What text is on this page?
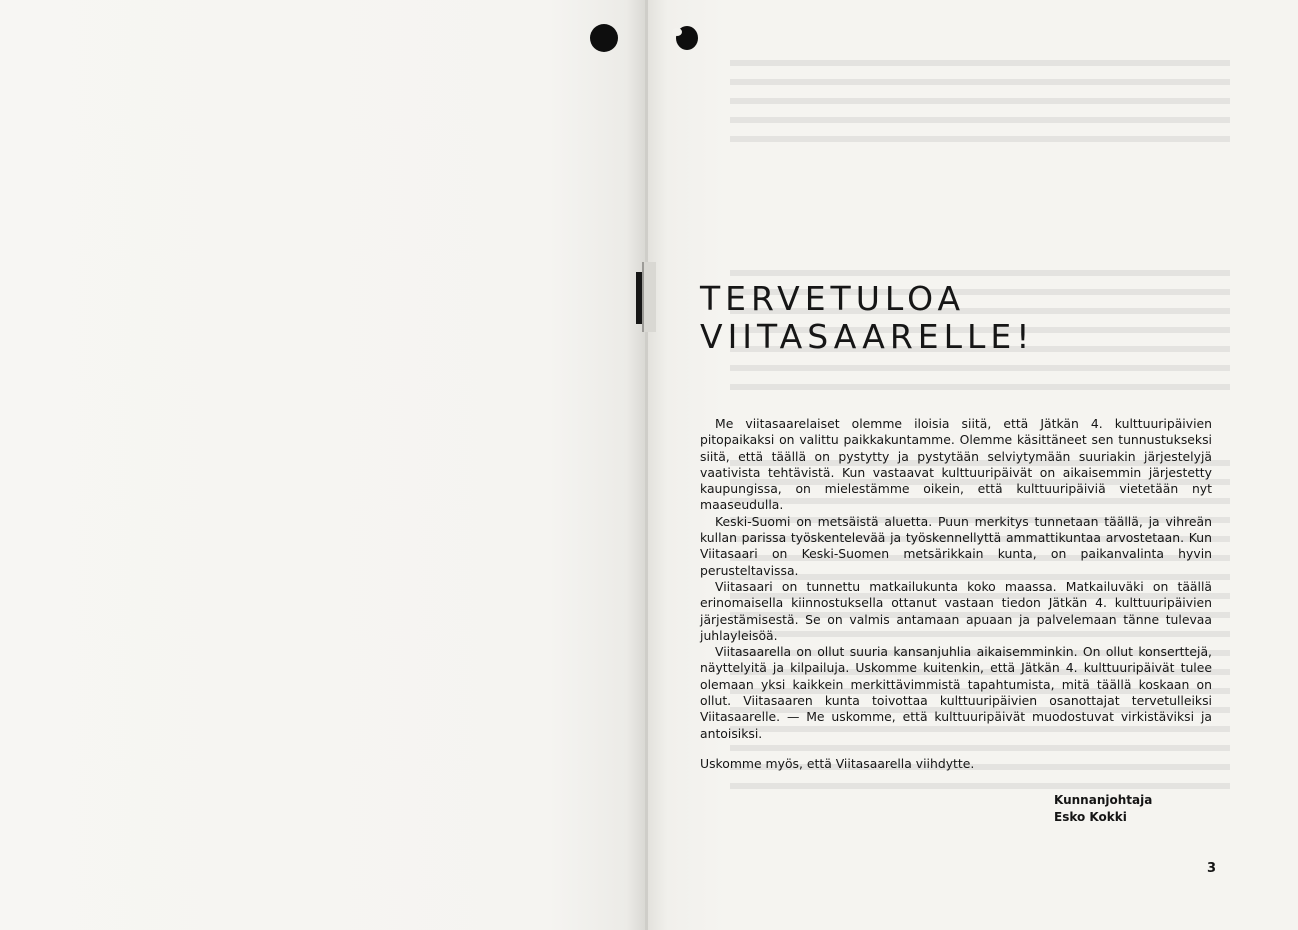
TERVETULOA
VIITASAARELLE!

Me viitasaarelaiset olemme iloisia siitä, että Jätkän 4. kulttuuripäivien pitopaikaksi on valittu paikkakuntamme. Olemme käsittäneet sen tunnustukseksi siitä, että täällä on pystytty ja pystytään selviytymään suuriakin järjestelyjä vaativista tehtävistä. Kun vastaavat kulttuuripäivät on aikaisemmin järjestetty kaupungissa, on mielestämme oikein, että kulttuuripäiviä vietetään nyt maaseudulla.

Keski-Suomi on metsäistä aluetta. Puun merkitys tunnetaan täällä, ja vihreän kullan parissa työskentelevää ja työskennellyttä ammattikuntaa arvostetaan. Kun Viitasaari on Keski-Suomen metsärikkain kunta, on paikanvalinta hyvin perusteltavissa.

Viitasaari on tunnettu matkailukunta koko maassa. Matkailuväki on täällä erinomaisella kiinnostuksella ottanut vastaan tiedon Jätkän 4. kulttuuripäivien järjestämisestä. Se on valmis antamaan apuaan ja palvelemaan tänne tulevaa juhlayleisöä.

Viitasaarella on ollut suuria kansanjuhlia aikaisemminkin. On ollut konserttejä, näyttelyitä ja kilpailuja. Uskomme kuitenkin, että Jätkän 4. kulttuuripäivät tulee olemaan yksi kaikkein merkittävimmistä tapahtumista, mitä täällä koskaan on ollut. Viitasaaren kunta toivottaa kulttuuripäivien osanottajat tervetulleiksi Viitasaarelle. — Me uskomme, että kulttuuripäivät muodostuvat virkistäviksi ja antoisiksi.

Uskomme myös, että Viitasaarella viihdytte.

Kunnanjohtaja
Esko Kokki
3
